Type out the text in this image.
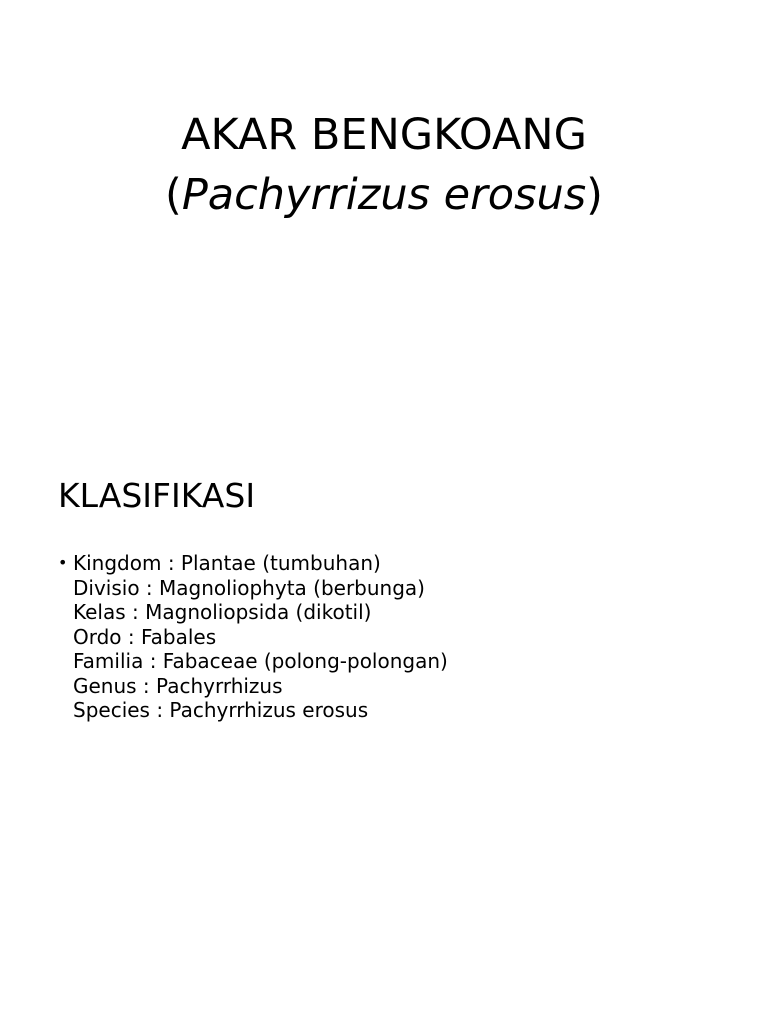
AKAR BENGKOANG
(Pachyrrizus erosus)
KLASIFIKASI
• Kingdom : Plantae (tumbuhan)
Divisio : Magnoliophyta (berbunga)
Kelas : Magnoliopsida (dikotil)
Ordo : Fabales
Familia : Fabaceae (polong-polongan)
Genus : Pachyrrhizus
Species : Pachyrrhizus erosus
